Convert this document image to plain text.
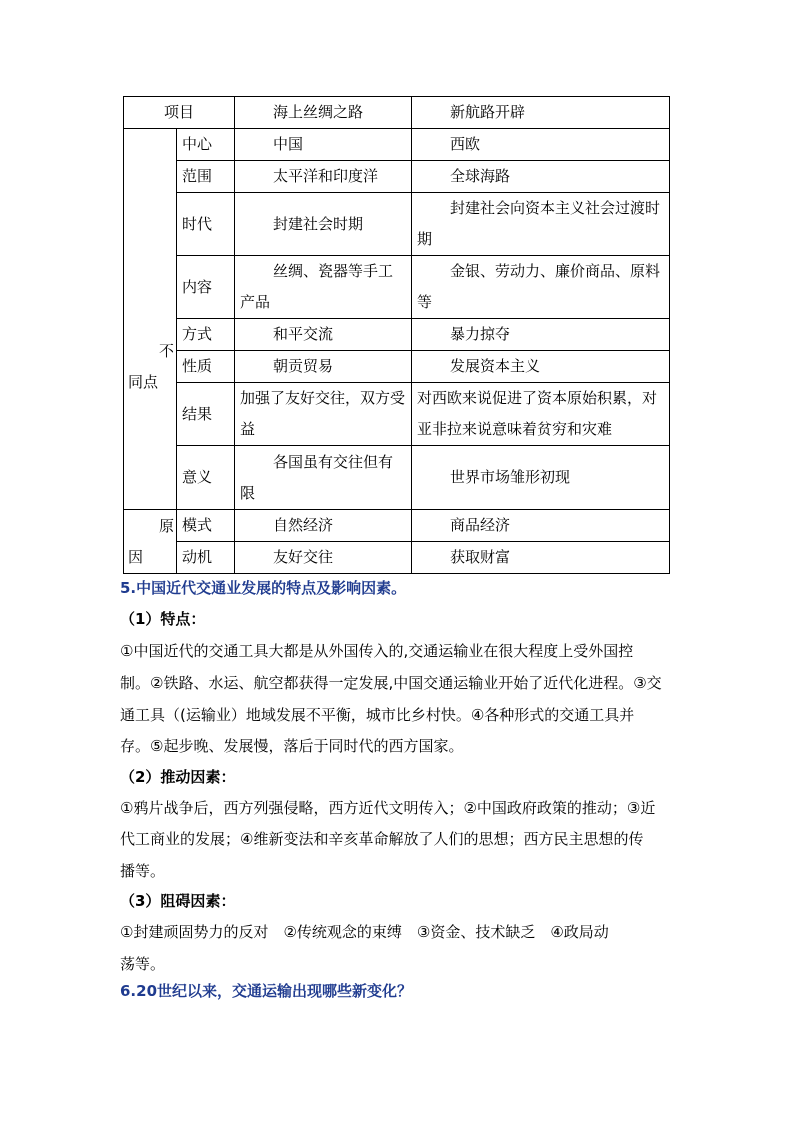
项目		海上丝绸之路	新航路开辟

不
同点	中心	中国	西欧
	范围	太平洋和印度洋	全球海路
	时代	封建社会时期	封建社会向资本主义社会过渡时期
	内容	丝绸、瓷器等手工产品	金银、劳动力、廉价商品、原料等
	方式	和平交流	暴力掠夺
	性质	朝贡贸易	发展资本主义
	结果	加强了友好交往，双方受益	对西欧来说促进了资本原始积累，对亚非拉来说意味着贫穷和灾难
	意义	各国虽有交往但有限	世界市场雏形初现

原
因	模式	自然经济	商品经济
	动机	友好交往	获取财富
5.中国近代交通业发展的特点及影响因素。
（1）特点：
①中国近代的交通工具大都是从外国传入的,交通运输业在很大程度上受外国控
制。②铁路、水运、航空都获得一定发展,中国交通运输业开始了近代化进程。③交
通工具（(运输业）地域发展不平衡，城市比乡村快。④各种形式的交通工具并
存。⑤起步晚、发展慢，落后于同时代的西方国家。
（2）推动因素：
①鸦片战争后，西方列强侵略，西方近代文明传入；②中国政府政策的推动；③近
代工商业的发展；④维新变法和辛亥革命解放了人们的思想；西方民主思想的传
播等。
（3）阻碍因素：
①封建顽固势力的反对　②传统观念的束缚　③资金、技术缺乏　④政局动
荡等。
6.20世纪以来，交通运输出现哪些新变化？
